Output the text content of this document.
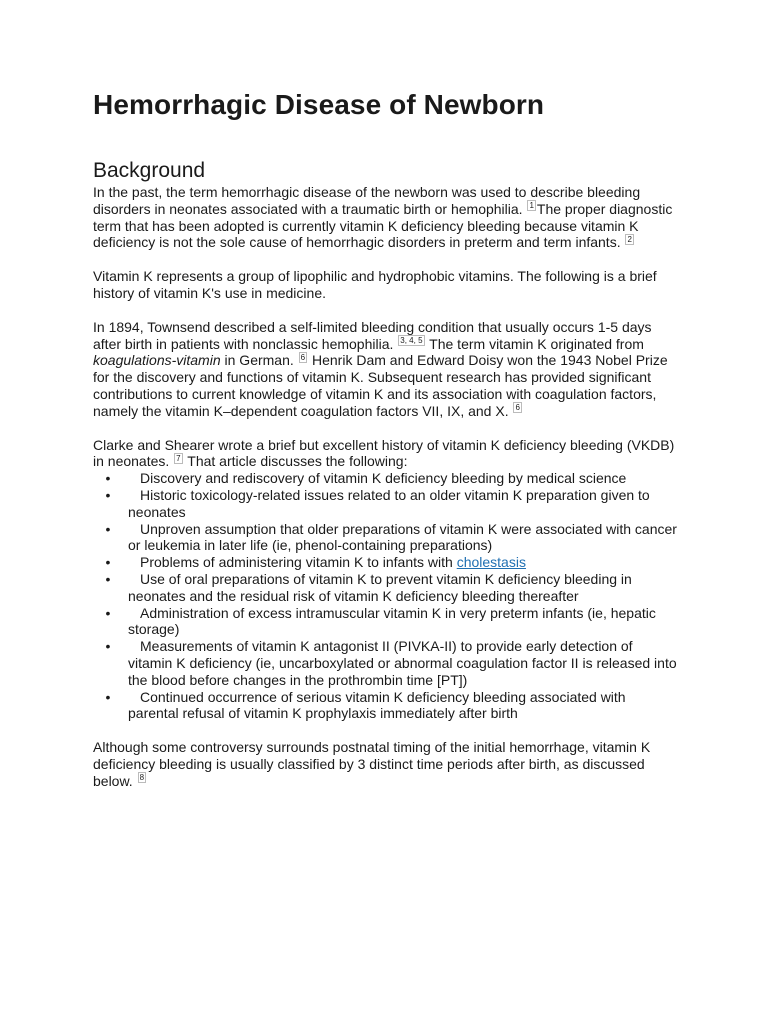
Hemorrhagic Disease of Newborn
Background

In the past, the term hemorrhagic disease of the newborn was used to describe bleeding disorders in neonates associated with a traumatic birth or hemophilia. $^1$ The proper diagnostic term that has been adopted is currently vitamin K deficiency bleeding because vitamin K deficiency is not the sole cause of hemorrhagic disorders in preterm and term infants. $^2$

Vitamin K represents a group of lipophilic and hydrophobic vitamins. The following is a brief history of vitamin K's use in medicine.

In 1894, Townsend described a self-limited bleeding condition that usually occurs 1-5 days after birth in patients with nonclassic hemophilia. $^{3, 4, 5}$ The term vitamin K originated from koagulations-vitamin in German. $^6$ Henrik Dam and Edward Doisy won the 1943 Nobel Prize for the discovery and functions of vitamin K. Subsequent research has provided significant contributions to current knowledge of vitamin K and its association with coagulation factors, namely the vitamin K–dependent coagulation factors VII, IX, and X. $^6$

Clarke and Shearer wrote a brief but excellent history of vitamin K deficiency bleeding (VKDB) in neonates. $^7$ That article discusses the following:

• Discovery and rediscovery of vitamin K deficiency bleeding by medical science
• Historic toxicology-related issues related to an older vitamin K preparation given to neonates
• Unproven assumption that older preparations of vitamin K were associated with cancer or leukemia in later life (ie, phenol-containing preparations)
• Problems of administering vitamin K to infants with cholestasis
• Use of oral preparations of vitamin K to prevent vitamin K deficiency bleeding in neonates and the residual risk of vitamin K deficiency bleeding thereafter
• Administration of excess intramuscular vitamin K in very preterm infants (ie, hepatic storage)
• Measurements of vitamin K antagonist II (PIVKA-II) to provide early detection of vitamin K deficiency (ie, uncarboxylated or abnormal coagulation factor II is released into the blood before changes in the prothrombin time [PT])
• Continued occurrence of serious vitamin K deficiency bleeding associated with parental refusal of vitamin K prophylaxis immediately after birth

Although some controversy surrounds postnatal timing of the initial hemorrhage, vitamin K deficiency bleeding is usually classified by 3 distinct time periods after birth, as discussed below. $^8$
